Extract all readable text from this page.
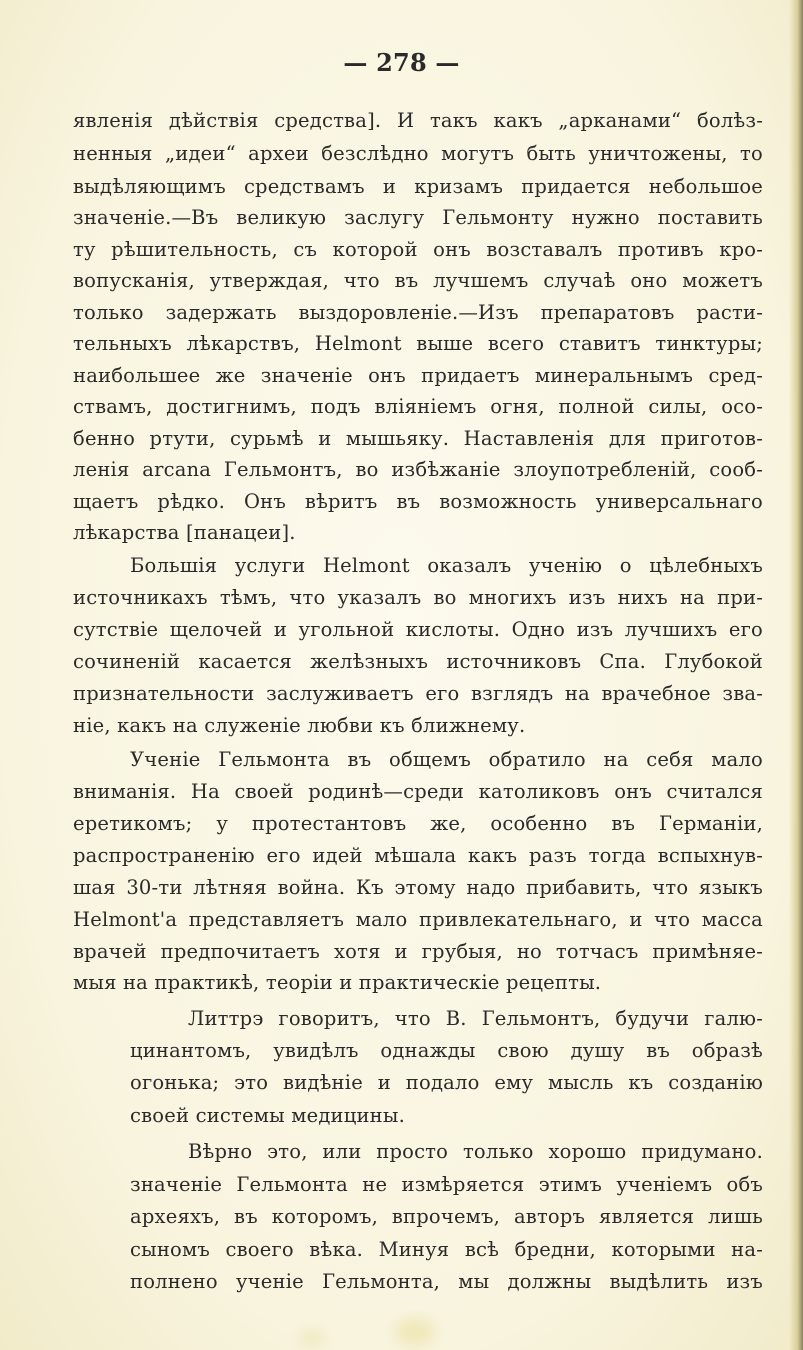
— 278 —
явленія дѣйствія средства]. И такъ какъ „арканами“ болѣз-
ненныя „идеи“ археи безслѣдно могутъ быть уничтожены, то
выдѣляющимъ средствамъ и кризамъ придается небольшое
значеніе.—Въ великую заслугу Гельмонту нужно поставить
ту рѣшительность, съ которой онъ возставалъ противъ кро-
вопусканія, утверждая, что въ лучшемъ случаѣ оно можетъ
только задержать выздоровленіе.—Изъ препаратовъ расти-
тельныхъ лѣкарствъ, Helmont выше всего ставитъ тинктуры;
наибольшее же значеніе онъ придаетъ минеральнымъ сред-
ствамъ, достигнимъ, подъ вліяніемъ огня, полной силы, осо-
бенно ртути, сурьмѣ и мышьяку. Наставленія для приготов-
ленія arcana Гельмонтъ, во избѣжаніе злоупотребленій, сооб-
щаетъ рѣдко. Онъ вѣритъ въ возможность универсальнаго
лѣкарства [панацеи].
Большія услуги Helmont оказалъ ученію о цѣлебныхъ
источникахъ тѣмъ, что указалъ во многихъ изъ нихъ на при-
сутствіе щелочей и угольной кислоты. Одно изъ лучшихъ его
сочиненій касается желѣзныхъ источниковъ Спа. Глубокой
признательности заслуживаетъ его взглядъ на врачебное зва-
ніе, какъ на служеніе любви къ ближнему.
Ученіе Гельмонта въ общемъ обратило на себя мало
вниманія. На своей родинѣ—среди католиковъ онъ считался
еретикомъ; у протестантовъ же, особенно въ Германіи,
распространенію его идей мѣшала какъ разъ тогда вспыхнув-
шая 30-ти лѣтняя война. Къ этому надо прибавить, что языкъ
Helmont'а представляетъ мало привлекательнаго, и что масса
врачей предпочитаетъ хотя и грубыя, но тотчасъ примѣняе-
мыя на практикѣ, теоріи и практическіе рецепты.
Литтрэ говоритъ, что В. Гельмонтъ, будучи галю-
цинантомъ, увидѣлъ однажды свою душу въ образѣ
огонька; это видѣніе и подало ему мысль къ созданію
своей системы медицины.
Вѣрно это, или просто только хорошо придумано.
значеніе Гельмонта не измѣряется этимъ ученіемъ объ
археяхъ, въ которомъ, впрочемъ, авторъ является лишь
сыномъ своего вѣка. Минуя всѣ бредни, которыми на-
полнено ученіе Гельмонта, мы должны выдѣлить изъ
